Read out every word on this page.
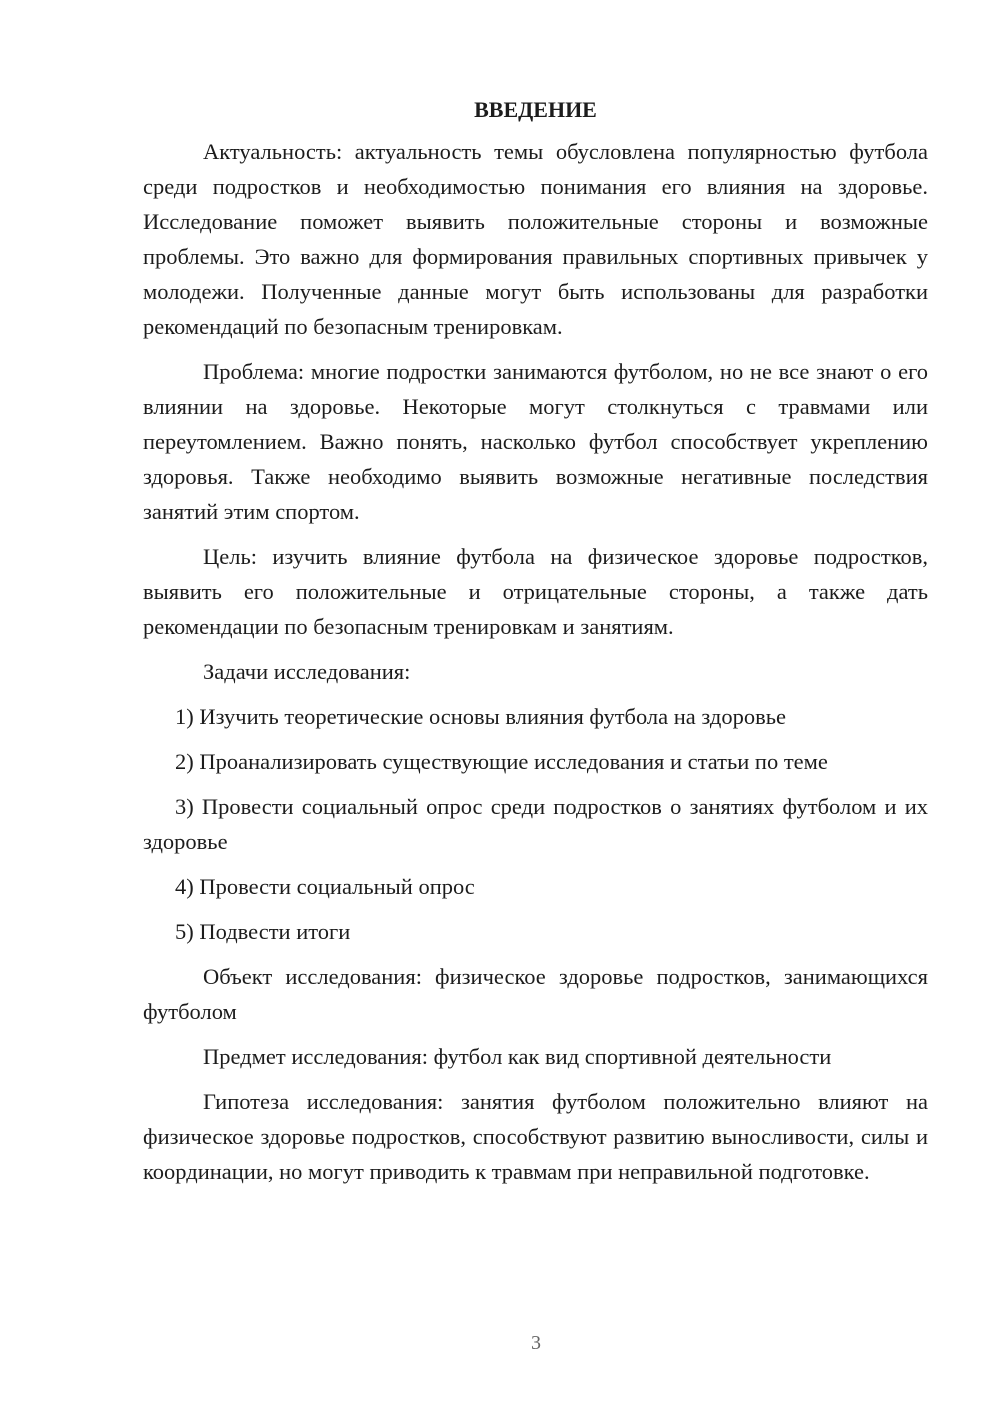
ВВЕДЕНИЕ

Актуальность: актуальность темы обусловлена популярностью футбола среди подростков и необходимостью понимания его влияния на здоровье. Исследование поможет выявить положительные стороны и возможные проблемы. Это важно для формирования правильных спортивных привычек у молодежи. Полученные данные могут быть использованы для разработки рекомендаций по безопасным тренировкам.

Проблема: многие подростки занимаются футболом, но не все знают о его влиянии на здоровье. Некоторые могут столкнуться с травмами или переутомлением. Важно понять, насколько футбол способствует укреплению здоровья. Также необходимо выявить возможные негативные последствия занятий этим спортом.

Цель: изучить влияние футбола на физическое здоровье подростков, выявить его положительные и отрицательные стороны, а также дать рекомендации по безопасным тренировкам и занятиям.

Задачи исследования:

1) Изучить теоретические основы влияния футбола на здоровье

2) Проанализировать существующие исследования и статьи по теме

3) Провести социальный опрос среди подростков о занятиях футболом и их здоровье

4) Провести социальный опрос

5) Подвести итоги

Объект исследования: физическое здоровье подростков, занимающихся футболом

Предмет исследования: футбол как вид спортивной деятельности

Гипотеза исследования: занятия футболом положительно влияют на физическое здоровье подростков, способствуют развитию выносливости, силы и координации, но могут приводить к травмам при неправильной подготовке.

3
